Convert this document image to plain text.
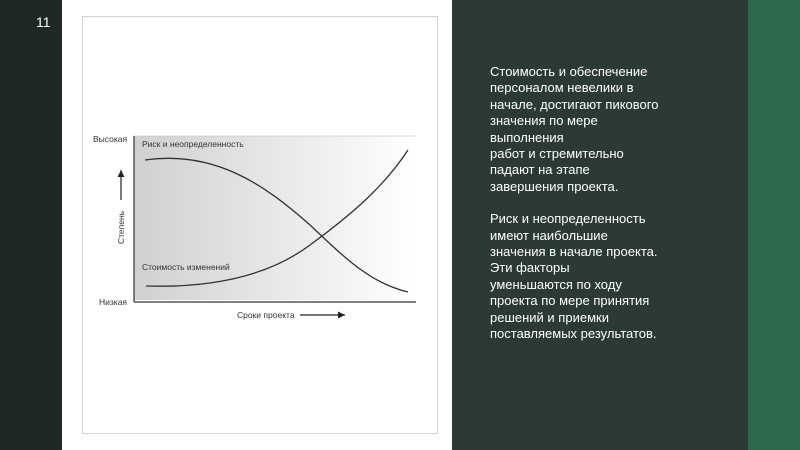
11
Высокая
Низкая
Риск и неопределенность
Стоимость изменений
Степень
Сроки проекта

Стоимость и обеспечение
персоналом невелики в
начале, достигают пикового
значения по мере
выполнения
работ и стремительно
падают на этапе
завершения проекта.

Риск и неопределенность
имеют наибольшие
значения в начале проекта.
Эти факторы
уменьшаются по ходу
проекта по мере принятия
решений и приемки
поставляемых результатов.
